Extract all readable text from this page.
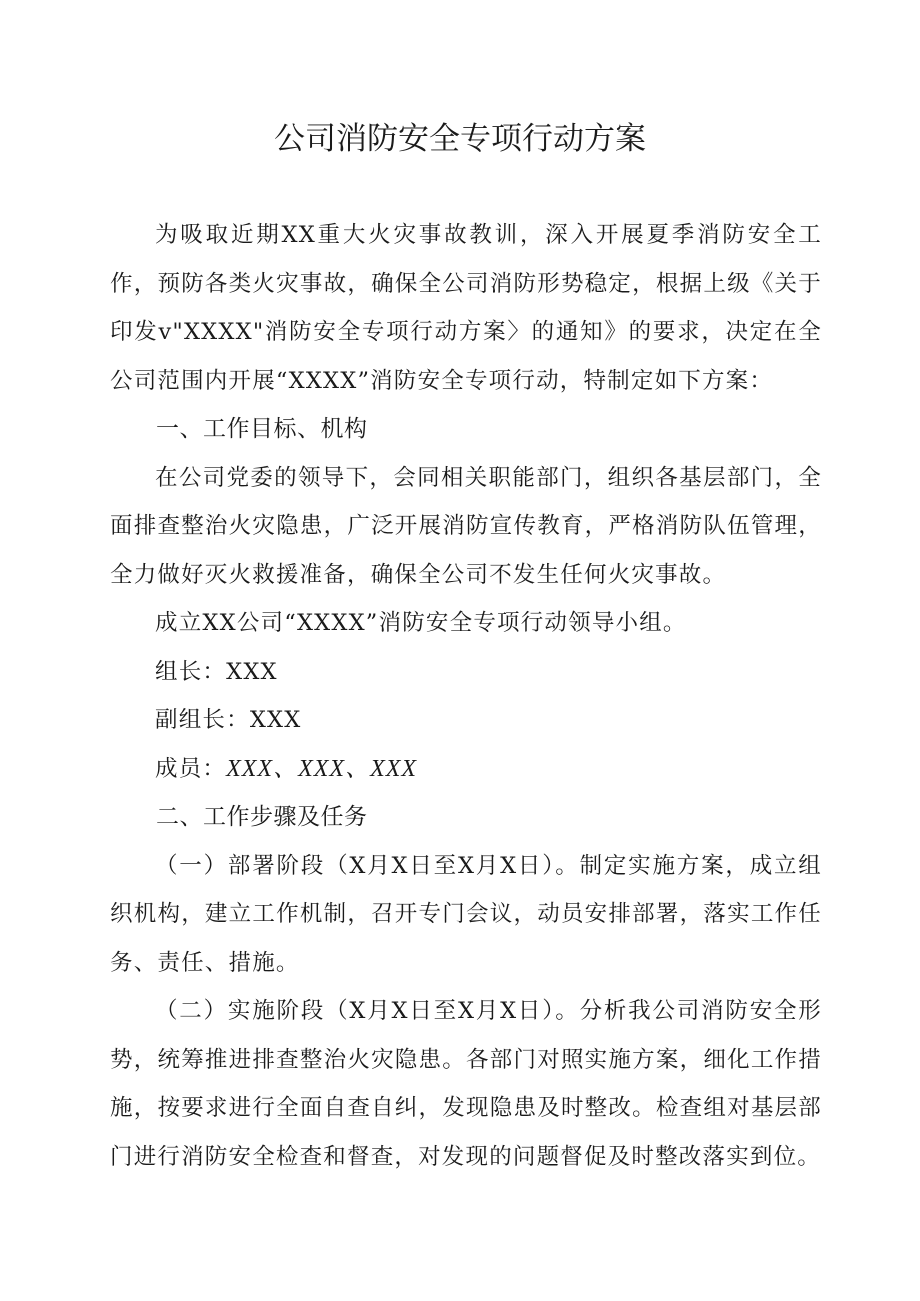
公司消防安全专项行动方案

为吸取近期XX重大火灾事故教训，深入开展夏季消防安全工作，预防各类火灾事故，确保全公司消防形势稳定，根据上级《关于印发v"XXXX"消防安全专项行动方案〉的通知》的要求，决定在全公司范围内开展“XXXX”消防安全专项行动，特制定如下方案：

一、工作目标、机构

在公司党委的领导下，会同相关职能部门，组织各基层部门，全面排查整治火灾隐患，广泛开展消防宣传教育，严格消防队伍管理，全力做好灭火救援准备，确保全公司不发生任何火灾事故。

成立XX公司“XXXX”消防安全专项行动领导小组。

组长：XXX

副组长：XXX

成员：XXX、XXX、XXX

二、工作步骤及任务

（一）部署阶段（X月X日至X月X日）。制定实施方案，成立组织机构，建立工作机制，召开专门会议，动员安排部署，落实工作任务、责任、措施。

（二）实施阶段（X月X日至X月X日）。分析我公司消防安全形势，统筹推进排查整治火灾隐患。各部门对照实施方案，细化工作措施，按要求进行全面自查自纠，发现隐患及时整改。检查组对基层部门进行消防安全检查和督查，对发现的问题督促及时整改落实到位。
